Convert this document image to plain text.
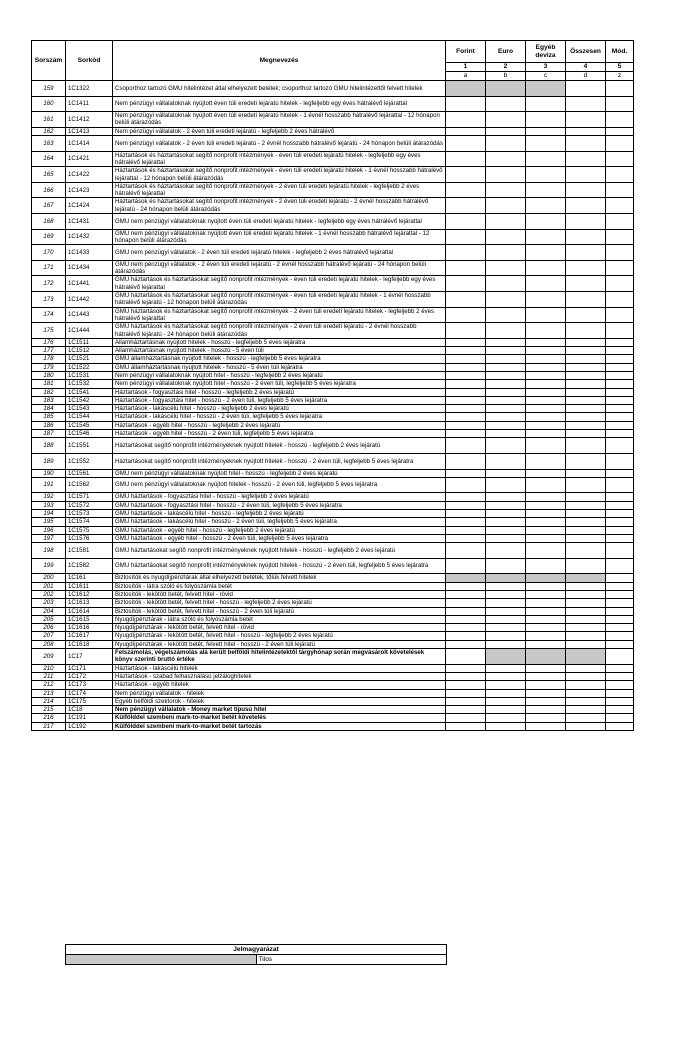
Sorszám	Sorkód	Megnevezés	Forint	Euro	Egyéb deviza	Összesen	Mód.
			1	2	3	4	5
			a	b	c	d	z
159	1C1322	Csoporthoz tartozó GMU hitelintézet által elhelyezett betétek; csoporthoz tartozó GMU hitelintézettől felvett hitelek					
160	1C1411	Nem pénzügyi vállalatoknak nyújtott éven túli eredeti lejáratú hitelek - legfeljebb egy éves hátralévő lejárattal					
161	1C1412	Nem pénzügyi vállalatoknak nyújtott éven túli eredeti lejáratú hitelek - 1 évnél hosszabb hátralévő lejárattal - 12 hónapon belüli átárazódás					
162	1C1413	Nem pénzügyi vállalatok - 2 éven túli eredeti lejáratú - legfeljebb 2 éves hátralévő					
163	1C1414	Nem pénzügyi vállalatok - 2 éven túli eredeti lejáratú - 2 évnél hosszabb hátralévő lejáratú - 24 hónapon belüli átárazódás					
164	1C1421	Háztartások és háztartásokat segítő nonprofit intézmények - éven túli eredeti lejáratú hitelek - legfeljebb egy éves hátralévő lejárattal					
165	1C1422	Háztartások és háztartásokat segítő nonprofit intézmények - éven túli eredeti lejáratú hitelek - 1 évnél hosszabb hátralévő lejárattal - 12 hónapon belüli átárazódás					
166	1C1423	Háztartások és háztartásokat segítő nonprofit intézmények - 2 éven túli eredeti lejáratú hitelek - legfeljebb 2 éves hátralévő lejárattal					
167	1C1424	Háztartások és háztartásokat segítő nonprofit intézmények - 2 éven túli eredeti lejáratú - 2 évnél hosszabb hátralévő lejáratú - 24 hónapon belüli átárazódás					
168	1C1431	GMU nem pénzügyi vállalatoknak nyújtott éven túli eredeti lejáratú hitelek - legfeljebb egy éves hátralévő lejárattal					
169	1C1432	GMU nem pénzügyi vállalatoknak nyújtott éven túli eredeti lejáratú hitelek - 1 évnél hosszabb hátralévő lejárattal - 12 hónapon belüli átárazódás					
170	1C1433	GMU nem pénzügyi vállalatok - 2 éven túli eredeti lejáratú hitelek - legfeljebb 2 éves hátralévő lejárattal					
171	1C1434	GMU nem pénzügyi vállalatok - 2 éven túli eredeti lejáratú - 2 évnél hosszabb hátralévő lejáratú - 24 hónapon belüli átárazódás					
172	1C1441	GMU háztartások és háztartásokat segítő nonprofit intézmények - éven túli eredeti lejáratú hitelek - legfeljebb egy éves hátralévő lejárattal					
173	1C1442	GMU háztartások és háztartásokat segítő nonprofit intézmények - éven túli eredeti lejáratú hitelek - 1 évnél hosszabb hátralévő lejáratú - 12 hónapon belüli átárazódás					
174	1C1443	GMU háztartások és háztartásokat segítő nonprofit intézmények - 2 éven túli eredeti lejáratú hitelek - legfeljebb 2 éves hátralévő lejárattal					
175	1C1444	GMU háztartások és háztartásokat segítő nonprofit intézmények - 2 éven túli eredeti lejáratú - 2 évnél hosszabb hátralévő lejáratú - 24 hónapon belüli átárazódás					
176	1C1511	Államháztartásnak nyújtott hitelek - hosszú - legfeljebb 5 éves lejáratra					
177	1C1512	Államháztartásnak nyújtott hitelek - hosszú - 5 éven túli					
178	1C1521	GMU államháztartásnak nyújtott hitelek - hosszú - legfeljebb 5 éves lejáratra					
179	1C1522	GMU államháztartásnak nyújtott hitelek - hosszú - 5 éven túli lejáratra					
180	1C1531	Nem pénzügyi vállalatoknak nyújtott hitel - hosszú - legfeljebb 2 éves lejáratú					
181	1C1532	Nem pénzügyi vállalatoknak nyújtott hitel - hosszú - 2 éven túli, legfeljebb 5 éves lejáratra					
182	1C1541	Háztartások - fogyasztási hitel - hosszú - legfeljebb 2 éves lejáratú					
183	1C1542	Háztartások - fogyasztási hitel - hosszú - 2 éven túli, legfeljebb 5 éves lejáratra					
184	1C1543	Háztartások - lakáscélú hitel - hosszú - legfeljebb 2 éves lejáratú					
185	1C1544	Háztartások - lakáscélú hitel - hosszú - 2 éven túli, legfeljebb 5 éves lejáratra					
186	1C1545	Háztartások - egyéb hitel - hosszú - legfeljebb 2 éves lejáratú					
187	1C1546	Háztartások - egyéb hitel - hosszú - 2 éven túli, legfeljebb 5 éves lejáratra					
188	1C1551	Háztartásokat segítő nonprofit intézményeknek nyújtott hitelek - hosszú - legfeljebb 2 éves lejáratú					
189	1C1552	Háztartásokat segítő nonprofit intézményeknek nyújtott hitelek - hosszú - 2 éven túli, legfeljebb 5 éves lejáratra					
190	1C1561	GMU nem pénzügyi vállalatoknak nyújtott hitel - hosszú - legfeljebb 2 éves lejáratú					
191	1C1562	GMU nem pénzügyi vállalatoknak nyújtott hitelek - hosszú - 2 éven túli, legfeljebb 5 éves lejáratra					
192	1C1571	GMU háztartások - fogyasztási hitel - hosszú - legfeljebb 2 éves lejáratú					
193	1C1572	GMU háztartások - fogyasztási hitel - hosszú - 2 éven túli, legfeljebb 5 éves lejáratra					
194	1C1573	GMU háztartások - lakáscélú hitel - hosszú - legfeljebb 2 éves lejáratú					
195	1C1574	GMU háztartások - lakáscélú hitel - hosszú - 2 éven túli, legfeljebb 5 éves lejáratra					
196	1C1575	GMU háztartások - egyéb hitel - hosszú - legfeljebb 2 éves lejáratú					
197	1C1576	GMU háztartások - egyéb hitel - hosszú - 2 éven túli, legfeljebb 5 éves lejáratra					
198	1C1581	GMU háztartásokat segítő nonprofit intézményeknek nyújtott hitelek - hosszú - legfeljebb 2 éves lejáratú					
199	1C1582	GMU háztartásokat segítő nonprofit intézményeknek nyújtott hitelek - hosszú - 2 éven túli, legfeljebb 5 éves lejáratra					
200	1C161	Biztosítók és nyugdíjpénztárak által elhelyezett betétek, tőlük felvett hitelek					
201	1C1611	Biztosítók - látra szóló és folyószámla betét					
202	1C1612	Biztosítók - lekötött betét, felvett hitel - rövid					
203	1C1613	Biztosítók - lekötött betét, felvett hitel - hosszú - legfeljebb 2 éves lejáratú					
204	1C1614	Biztosítók - lekötött betét, felvett hitel - hosszú - 2 éven túli lejáratú					
205	1C1615	Nyugdíjpénztárak - látra szóló és folyószámla betét					
206	1C1616	Nyugdíjpénztárak - lekötött betét, felvett hitel - rövid					
207	1C1617	Nyugdíjpénztárak - lekötött betét, felvett hitel - hosszú - legfeljebb 2 éves lejáratú					
208	1C1618	Nyugdíjpénztárak - lekötött betét, felvett hitel - hosszú - 2 éven túli lejáratú					
209	1C17	Felszámolás, végelszámolás alá került belföldi hitelintézetektől tárgyhónap során megvásárolt követelések könyv szerinti bruttó értéke					
210	1C171	Háztartások - lakáscélú hitelek					
211	1C172	Háztartások - szabad felhasználású jelzáloghitelek					
212	1C173	Háztartások - egyéb hitelek					
213	1C174	Nem pénzügyi vállalatok - hitelek					
214	1C175	Egyéb belföldi szektorok - hitelek					
215	1C18	Nem pénzügyi vállalatok - Money market típusú hitel					
216	1C191	Külfölddel szembeni mark-to-market betét követelés					
217	1C192	Külfölddel szembeni mark-to-market betét tartozás					
Jelmagyarázat
	Tilos
